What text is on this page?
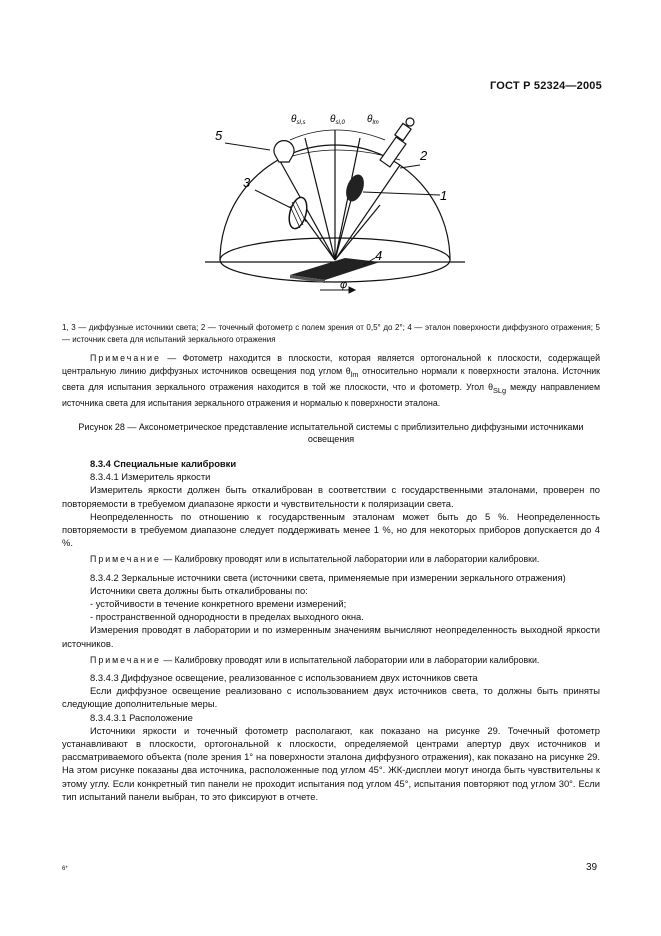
ГОСТ Р 52324—2005
5
2
1
3
4
φ
$\theta_{sl,s}$ $\theta_{sl,0}$ $\theta_{lm}$
1, 3 — диффузные источники света; 2 — точечный фотометр с полем зрения от 0,5° до 2°; 4 — эталон поверхности диффузного отражения; 5 — источник света для испытаний зеркального отражения
Примечание — Фотометр находится в плоскости, которая является ортогональной к плоскости, содержащей центральную линию диффузных источников освещения под углом $\theta_{lm}$ относительно нормали к поверхности эталона. Источник света для испытания зеркального отражения находится в той же плоскости, что и фотометр. Угол $\theta_{SLg}$ между направлением источника света для испытания зеркального отражения и нормалью к поверхности эталона.
Рисунок 28 — Аксонометрическое представление испытательной системы с приблизительно диффузными источниками освещения

8.3.4 Специальные калибровки

8.3.4.1 Измеритель яркости

Измеритель яркости должен быть откалиброван в соответствии с государственными эталонами, проверен по повторяемости в требуемом диапазоне яркости и чувствительности к поляризации света.

Неопределенность по отношению к государственным эталонам может быть до 5 %. Неопределенность повторяемости в требуемом диапазоне следует поддерживать менее 1 %, но для некоторых приборов допускается до 4 %.

Примечание — Калибровку проводят или в испытательной лаборатории или в лаборатории калибровки.

8.3.4.2 Зеркальные источники света (источники света, применяемые при измерении зеркального отражения)

Источники света должны быть откалиброваны по:

- устойчивости в течение конкретного времени измерений;

- пространственной однородности в пределах выходного окна.

Измерения проводят в лаборатории и по измеренным значениям вычисляют неопределенность выходной яркости источников.

Примечание — Калибровку проводят или в испытательной лаборатории или в лаборатории калибровки.

8.3.4.3 Диффузное освещение, реализованное с использованием двух источников света

Если диффузное освещение реализовано с использованием двух источников света, то должны быть приняты следующие дополнительные меры.

8.3.4.3.1 Расположение

Источники яркости и точечный фотометр располагают, как показано на рисунке 29. Точечный фотометр устанавливают в плоскости, ортогональной к плоскости, определяемой центрами апертур двух источников и рассматриваемого объекта (поле зрения 1° на поверхности эталона диффузного отражения), как показано на рисунке 29. На этом рисунке показаны два источника, расположенные под углом 45°. ЖК-дисплеи могут иногда быть чувствительны к этому углу. Если конкретный тип панели не проходит испытания под углом 45°, испытания повторяют под углом 30°. Если тип испытаний панели выбран, то это фиксируют в отчете.

6*	39
